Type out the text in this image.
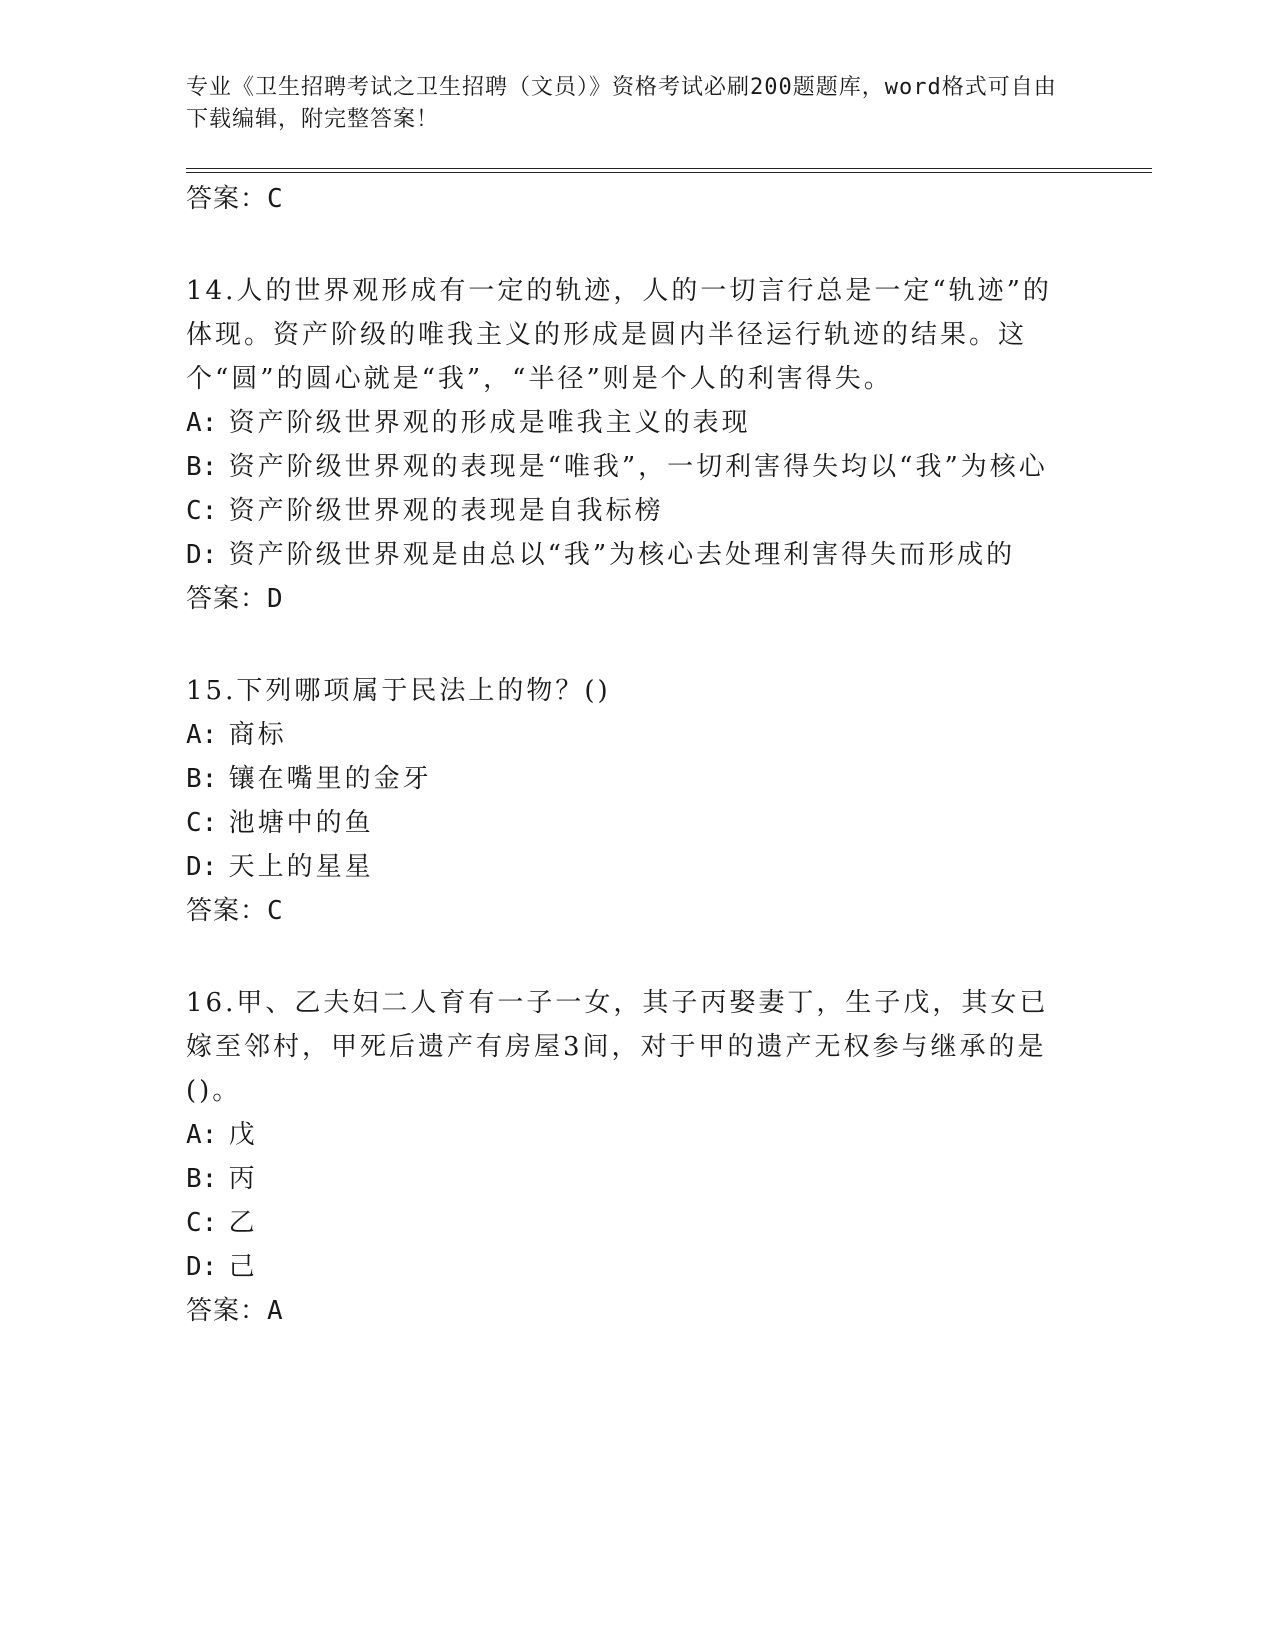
专业《卫生招聘考试之卫生招聘（文员）》资格考试必刷200题题库，word格式可自由下载编辑，附完整答案！

答案：C

14.人的世界观形成有一定的轨迹，人的一切言行总是一定“轨迹”的体现。资产阶级的唯我主义的形成是圆内半径运行轨迹的结果。这个“圆”的圆心就是“我”，“半径”则是个人的利害得失。

A: 资产阶级世界观的形成是唯我主义的表现

B: 资产阶级世界观的表现是“唯我”，一切利害得失均以“我”为核心

C: 资产阶级世界观的表现是自我标榜

D: 资产阶级世界观是由总以“我”为核心去处理利害得失而形成的

答案：D

15.下列哪项属于民法上的物？()

A: 商标

B: 镶在嘴里的金牙

C: 池塘中的鱼

D: 天上的星星

答案：C

16.甲、乙夫妇二人育有一子一女，其子丙娶妻丁，生子戊，其女已嫁至邻村，甲死后遗产有房屋3间，对于甲的遗产无权参与继承的是()。

A: 戊

B: 丙

C: 乙

D: 己

答案：A
